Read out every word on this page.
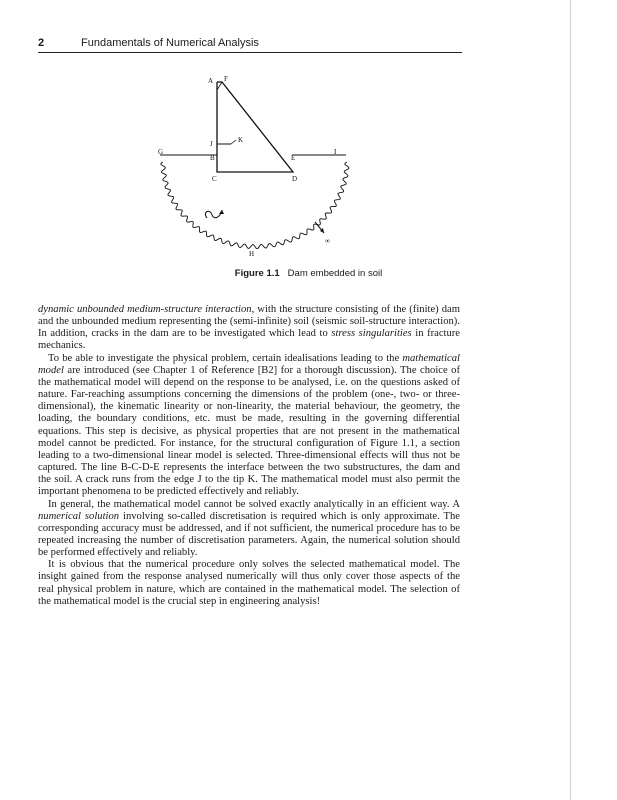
2	Fundamentals of Numerical Analysis
A F
J	K
G
B	E
I
C	D
H
∞
Figure 1.1 Dam embedded in soil

dynamic unbounded medium-structure interaction, with the structure consisting of the (finite) dam and the unbounded medium representing the (semi-infinite) soil (seismic soil-structure interaction). In addition, cracks in the dam are to be investigated which lead to stress singularities in fracture mechanics.

To be able to investigate the physical problem, certain idealisations leading to the mathematical model are introduced (see Chapter 1 of Reference [B2] for a thorough discussion). The choice of the mathematical model will depend on the response to be analysed, i.e. on the questions asked of nature. Far-reaching assumptions concerning the dimensions of the problem (one-, two- or three-dimensional), the kinematic linearity or non-linearity, the material behaviour, the geometry, the loading, the boundary conditions, etc. must be made, resulting in the governing differential equations. This step is decisive, as physical properties that are not present in the mathematical model cannot be predicted. For instance, for the structural configuration of Figure 1.1, a section leading to a two-dimensional linear model is selected. Three-dimensional effects will thus not be captured. The line B-C-D-E represents the interface between the two substructures, the dam and the soil. A crack runs from the edge J to the tip K. The mathematical model must also permit the important phenomena to be predicted effectively and reliably.

In general, the mathematical model cannot be solved exactly analytically in an efficient way. A numerical solution involving so-called discretisation is required which is only approximate. The corresponding accuracy must be addressed, and if not sufficient, the numerical procedure has to be repeated increasing the number of discretisation parameters. Again, the numerical solution should be performed effectively and reliably.

It is obvious that the numerical procedure only solves the selected mathematical model. The insight gained from the response analysed numerically will thus only cover those aspects of the real physical problem in nature, which are contained in the mathematical model. The selection of the mathematical model is the crucial step in engineering analysis!
